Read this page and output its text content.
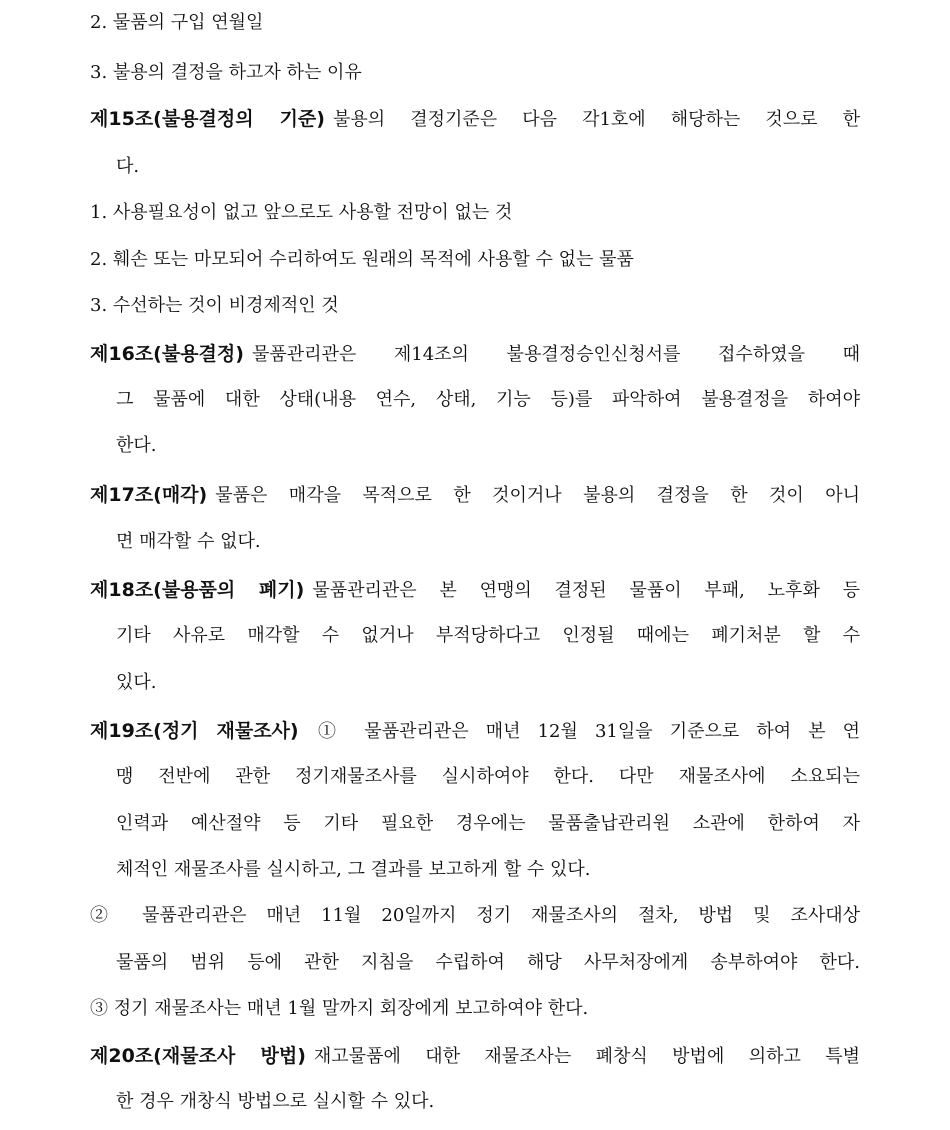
2. 물품의 구입 연월일
3. 불용의 결정을 하고자 하는 이유
제15조(불용결정의 기준) 불용의 결정기준은 다음 각1호에 해당하는 것으로 한
다.
1. 사용필요성이 없고 앞으로도 사용할 전망이 없는 것
2. 훼손 또는 마모되어 수리하여도 원래의 목적에 사용할 수 없는 물품
3. 수선하는 것이 비경제적인 것
제16조(불용결정) 물품관리관은 제14조의 불용결정승인신청서를 접수하였을 때
그 물품에 대한 상태(내용 연수, 상태, 기능 등)를 파악하여 불용결정을 하여야
한다.
제17조(매각) 물품은 매각을 목적으로 한 것이거나 불용의 결정을 한 것이 아니
면 매각할 수 없다.
제18조(불용품의 폐기) 물품관리관은 본 연맹의 결정된 물품이 부패, 노후화 등
기타 사유로 매각할 수 없거나 부적당하다고 인정될 때에는 폐기처분 할 수
있다.
제19조(정기 재물조사) ① 물품관리관은 매년 12월 31일을 기준으로 하여 본 연
맹 전반에 관한 정기재물조사를 실시하여야 한다. 다만 재물조사에 소요되는
인력과 예산절약 등 기타 필요한 경우에는 물품출납관리원 소관에 한하여 자
체적인 재물조사를 실시하고, 그 결과를 보고하게 할 수 있다.
② 물품관리관은 매년 11월 20일까지 정기 재물조사의 절차, 방법 및 조사대상
물품의 범위 등에 관한 지침을 수립하여 해당 사무처장에게 송부하여야 한다.
③ 정기 재물조사는 매년 1월 말까지 회장에게 보고하여야 한다.
제20조(재물조사 방법) 재고물품에 대한 재물조사는 폐창식 방법에 의하고 특별
한 경우 개창식 방법으로 실시할 수 있다.
